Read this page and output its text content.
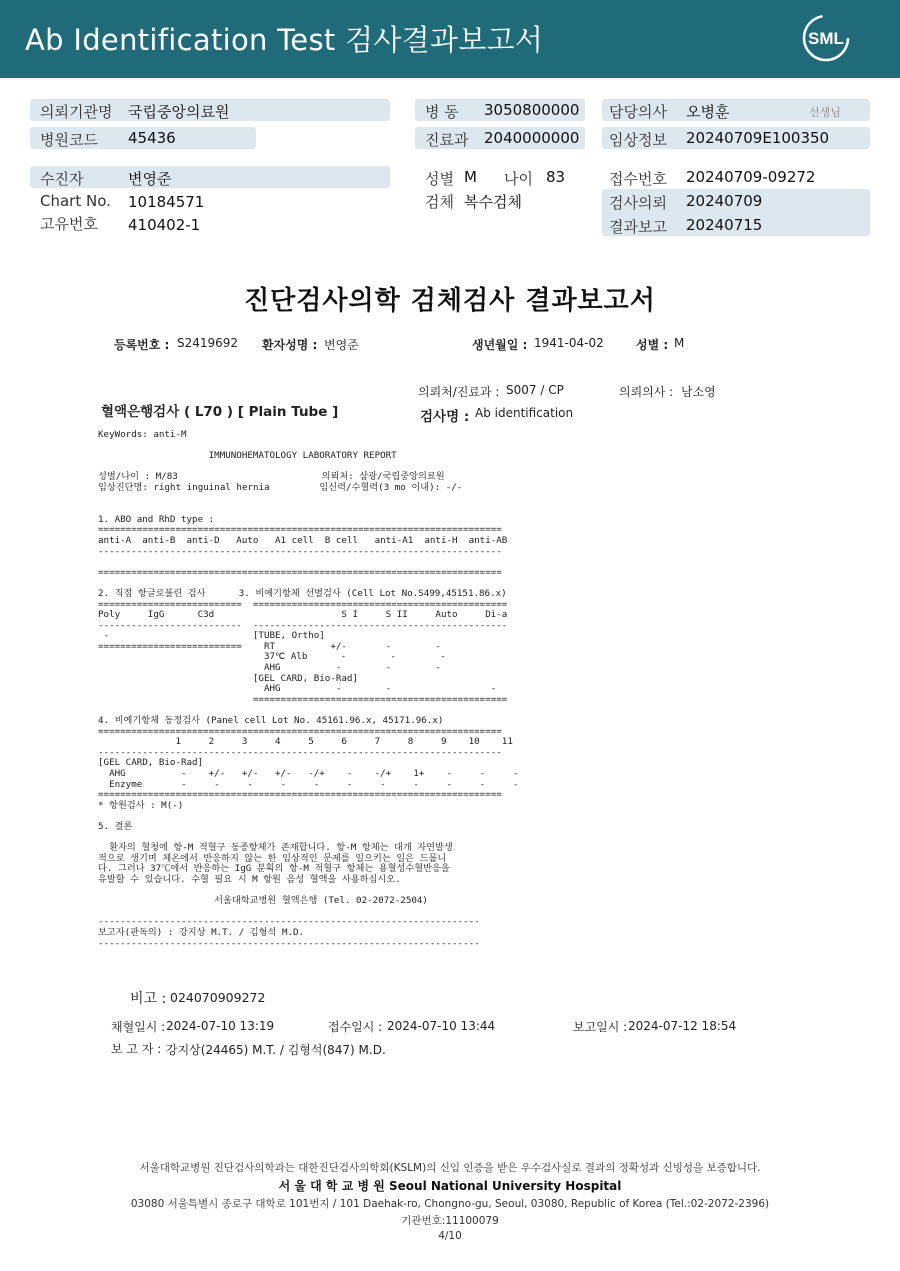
Ab Identification Test 검사결과보고서	SML
의뢰기관명 국립중앙의료원
병원코드 45436
병 동 3050800000
진료과 2040000000
담당의사 오병훈	선생님
임상정보 20240709E100350
수진자	변영준
Chart No. 10184571
고유번호 410402-1
성별 M 나이 83
검체 복수검체
접수번호 20240709-09272
검사의뢰 20240709
결과보고 20240715
진단검사의학 검체검사 결과보고서
등록번호 : S2419692 환자성명 : 변영준	생년월일 : 1941-04-02	성별 : M
의뢰처/진료과 : S007 / CP	의뢰의사 : 남소영
혈액은행검사 ( L70 ) [ Plain Tube ]	검사명 : Ab identification
KeyWords: anti-M

IMMUNOHEMATOLOGY LABORATORY REPORT

성별/나이 : M/83                          의뢰처: 삼광/국립중앙의료원
임상진단명: right inguinal hernia         임신력/수혈력(3 mo 이내): -/-

1. ABO and RhD type :
=========================================================================
anti-A  anti-B  anti-D   Auto   A1 cell  B cell   anti-A1  anti-H  anti-AB
-------------------------------------------------------------------------

=========================================================================

2. 직접 항글로불린 검사      3. 비예기항체 선별검사 (Cell Lot No.S499,45151.86.x)
==========================  ==============================================
Poly     IgG      C3d                       S I     S II     Auto     Di-a
--------------------------  ----------------------------------------------
-                          [TUBE, Ortho]
==========================    RT          +/-       -        -
37℃ Alb      -        -        -
AHG          -        -        -
[GEL CARD, Bio-Rad]
AHG          -        -                  -
==============================================

4. 비예기항체 동정검사 (Panel cell Lot No. 45161.96.x, 45171.96.x)
=========================================================================
1     2     3     4     5     6     7     8     9    10    11
-------------------------------------------------------------------------
[GEL CARD, Bio-Rad]
AHG          -    +/-   +/-   +/-   -/+    -    -/+    1+    -     -     -
Enzyme       -     -     -     -     -     -     -     -     -     -     -
=========================================================================
* 항원검사 : M(-)

5. 결론

환자의 혈청에 항-M 적혈구 동종항체가 존재합니다. 항-M 항체는 대개 자연발생
적으로 생기며 체온에서 반응하지 않는 한 임상적인 문제를 일으키는 일은 드뭅니
다. 그러나 37℃에서 반응하는 IgG 분획의 항-M 적혈구 항체는 용혈성수혈반응을
유발할 수 있습니다. 수혈 필요 시 M 항원 음성 혈액을 사용하십시오.

서울대학교병원 혈액은행 (Tel. 02-2072-2504)

---------------------------------------------------------------------
보고자(판독의) : 강지상 M.T. / 김형석 M.D.
---------------------------------------------------------------------
비고 : 024070909272
채혈일시 : 2024-07-10 13:19	접수일시 : 2024-07-10 13:44	보고일시 : 2024-07-12 18:54
보 고 자 : 강지상(24465) M.T. / 김형석(847) M.D.
서울대학교병원 진단검사의학과는 대한진단검사의학회(KSLM)의 신임 인증을 받은 우수검사실로 결과의 정확성과 신빙성을 보증합니다.
서 울 대 학 교 병 원 Seoul National University Hospital
03080 서울특별시 종로구 대학로 101번지 / 101 Daehak-ro, Chongno-gu, Seoul, 03080, Republic of Korea (Tel.:02-2072-2396)
기관번호:11100079
4/10
